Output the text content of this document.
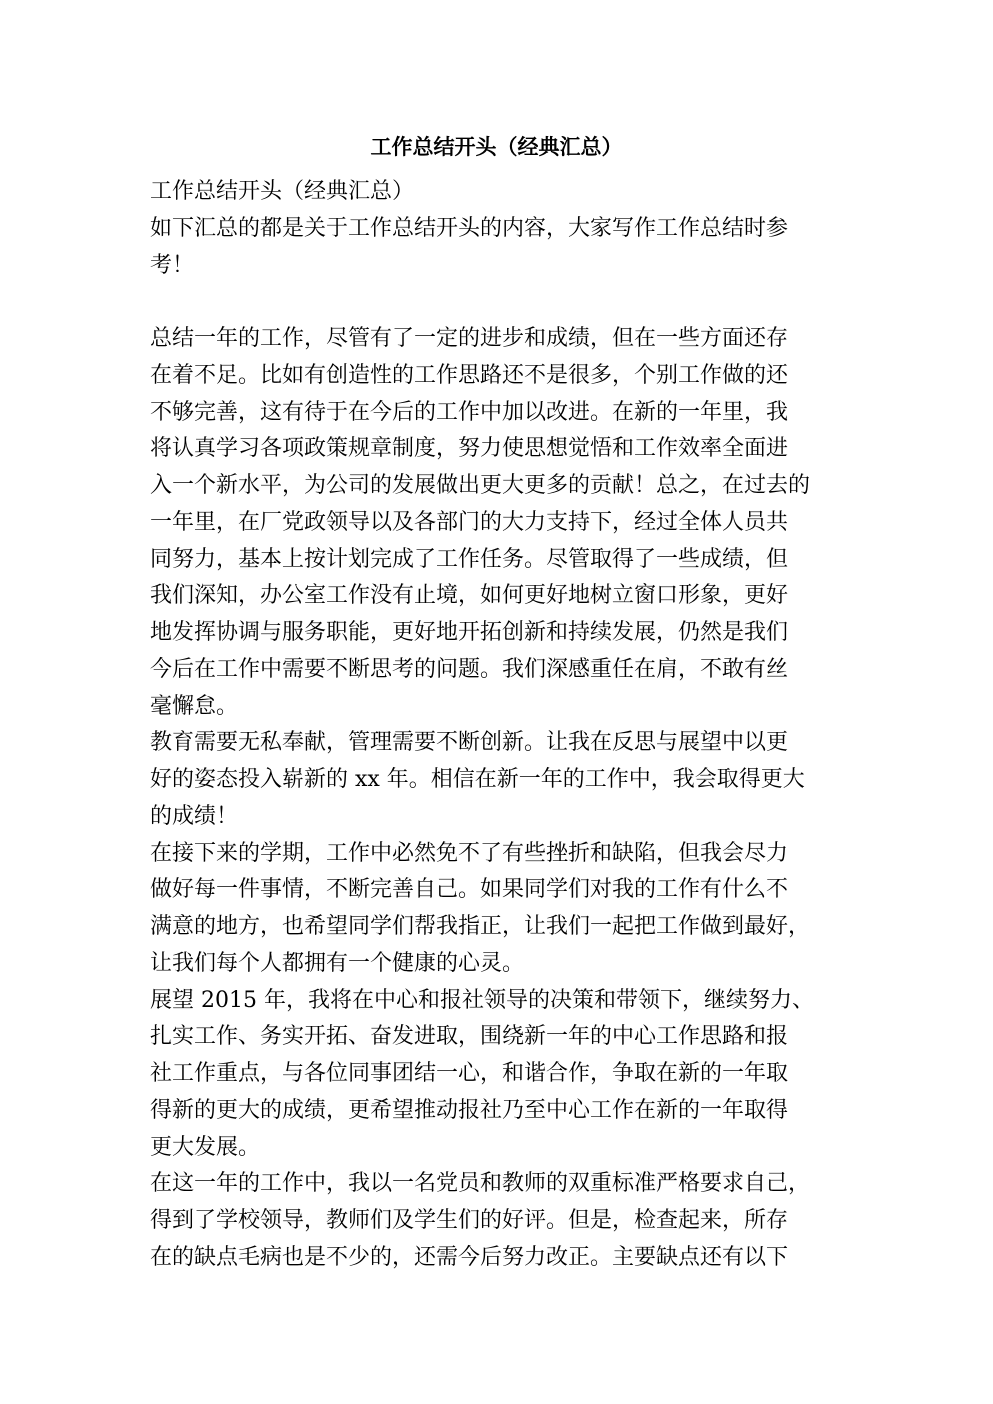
工作总结开头（经典汇总）
工作总结开头（经典汇总）
如下汇总的都是关于工作总结开头的内容，大家写作工作总结时参
考！
总结一年的工作，尽管有了一定的进步和成绩，但在一些方面还存
在着不足。比如有创造性的工作思路还不是很多，个别工作做的还
不够完善，这有待于在今后的工作中加以改进。在新的一年里，我
将认真学习各项政策规章制度，努力使思想觉悟和工作效率全面进
入一个新水平，为公司的发展做出更大更多的贡献！总之，在过去的
一年里，在厂党政领导以及各部门的大力支持下，经过全体人员共
同努力，基本上按计划完成了工作任务。尽管取得了一些成绩，但
我们深知，办公室工作没有止境，如何更好地树立窗口形象，更好
地发挥协调与服务职能，更好地开拓创新和持续发展，仍然是我们
今后在工作中需要不断思考的问题。我们深感重任在肩，不敢有丝
毫懈怠。
教育需要无私奉献，管理需要不断创新。让我在反思与展望中以更
好的姿态投入崭新的 xx 年。相信在新一年的工作中，我会取得更大
的成绩！
在接下来的学期，工作中必然免不了有些挫折和缺陷，但我会尽力
做好每一件事情，不断完善自己。如果同学们对我的工作有什么不
满意的地方，也希望同学们帮我指正，让我们一起把工作做到最好，
让我们每个人都拥有一个健康的心灵。
展望 2015 年，我将在中心和报社领导的决策和带领下，继续努力、
扎实工作、务实开拓、奋发进取，围绕新一年的中心工作思路和报
社工作重点，与各位同事团结一心，和谐合作，争取在新的一年取
得新的更大的成绩，更希望推动报社乃至中心工作在新的一年取得
更大发展。
在这一年的工作中，我以一名党员和教师的双重标准严格要求自己，
得到了学校领导，教师们及学生们的好评。但是，检查起来，所存
在的缺点毛病也是不少的，还需今后努力改正。主要缺点还有以下
